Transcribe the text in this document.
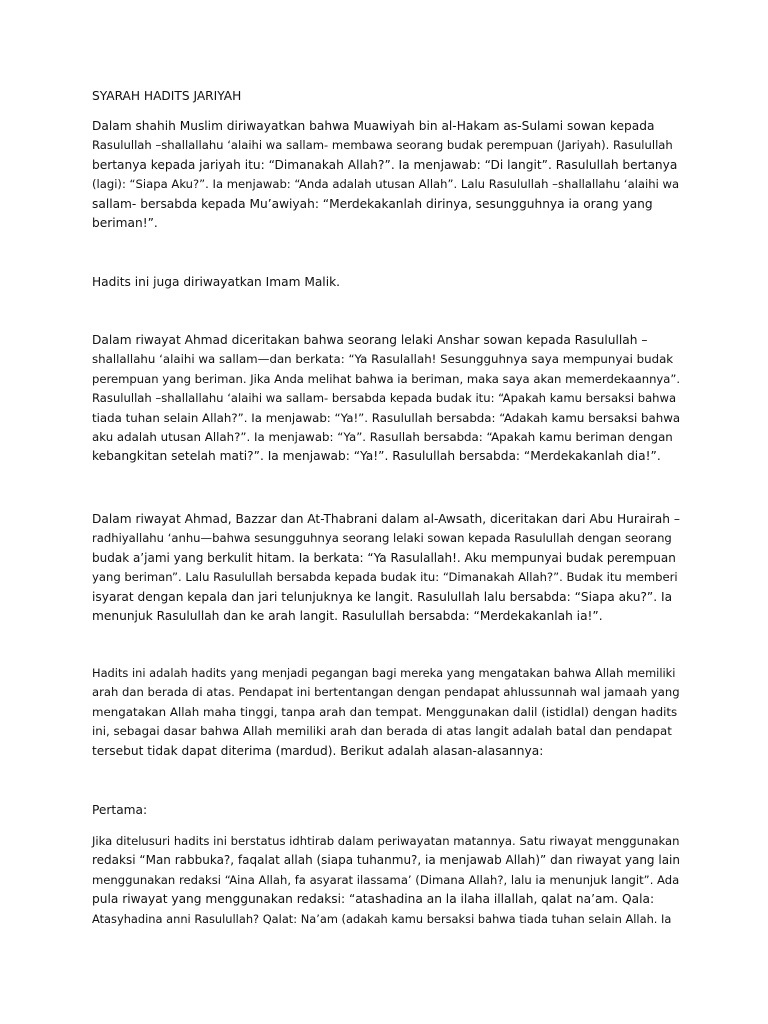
SYARAH HADITS JARIYAH
Dalam shahih Muslim diriwayatkan bahwa Muawiyah bin al-Hakam as-Sulami sowan kepada
Rasulullah –shallallahu ‘alaihi wa sallam- membawa seorang budak perempuan (Jariyah). Rasulullah
bertanya kepada jariyah itu: “Dimanakah Allah?”. Ia menjawab: “Di langit”. Rasulullah bertanya
(lagi): “Siapa Aku?”. Ia menjawab: “Anda adalah utusan Allah”. Lalu Rasulullah –shallallahu ‘alaihi wa
sallam- bersabda kepada Mu’awiyah: “Merdekakanlah dirinya, sesungguhnya ia orang yang
beriman!”.
Hadits ini juga diriwayatkan Imam Malik.
Dalam riwayat Ahmad diceritakan bahwa seorang lelaki Anshar sowan kepada Rasulullah –
shallallahu ‘alaihi wa sallam—dan berkata: “Ya Rasulallah! Sesungguhnya saya mempunyai budak
perempuan yang beriman. Jika Anda melihat bahwa ia beriman, maka saya akan memerdekaannya”.
Rasulullah –shallallahu ‘alaihi wa sallam- bersabda kepada budak itu: “Apakah kamu bersaksi bahwa
tiada tuhan selain Allah?”. Ia menjawab: “Ya!”. Rasulullah bersabda: “Adakah kamu bersaksi bahwa
aku adalah utusan Allah?”. Ia menjawab: “Ya”. Rasullah bersabda: “Apakah kamu beriman dengan
kebangkitan setelah mati?”. Ia menjawab: “Ya!”. Rasulullah bersabda: “Merdekakanlah dia!”.
Dalam riwayat Ahmad, Bazzar dan At-Thabrani dalam al-Awsath, diceritakan dari Abu Hurairah –
radhiyallahu ‘anhu—bahwa sesungguhnya seorang lelaki sowan kepada Rasulullah dengan seorang
budak a’jami yang berkulit hitam. Ia berkata: “Ya Rasulallah!. Aku mempunyai budak perempuan
yang beriman”. Lalu Rasulullah bersabda kepada budak itu: “Dimanakah Allah?”. Budak itu memberi
isyarat dengan kepala dan jari telunjuknya ke langit. Rasulullah lalu bersabda: “Siapa aku?”. Ia
menunjuk Rasulullah dan ke arah langit. Rasulullah bersabda: “Merdekakanlah ia!”.
Hadits ini adalah hadits yang menjadi pegangan bagi mereka yang mengatakan bahwa Allah memiliki
arah dan berada di atas. Pendapat ini bertentangan dengan pendapat ahlussunnah wal jamaah yang
mengatakan Allah maha tinggi, tanpa arah dan tempat. Menggunakan dalil (istidlal) dengan hadits
ini, sebagai dasar bahwa Allah memiliki arah dan berada di atas langit adalah batal dan pendapat
tersebut tidak dapat diterima (mardud). Berikut adalah alasan-alasannya:
Pertama:
Jika ditelusuri hadits ini berstatus idhtirab dalam periwayatan matannya. Satu riwayat menggunakan
redaksi “Man rabbuka?, faqalat allah (siapa tuhanmu?, ia menjawab Allah)” dan riwayat yang lain
menggunakan redaksi “Aina Allah, fa asyarat ilassama’ (Dimana Allah?, lalu ia menunjuk langit”. Ada
pula riwayat yang menggunakan redaksi: “atashadina an la ilaha illallah, qalat na’am. Qala:
Atasyhadina anni Rasulullah? Qalat: Na’am (adakah kamu bersaksi bahwa tiada tuhan selain Allah. Ia
